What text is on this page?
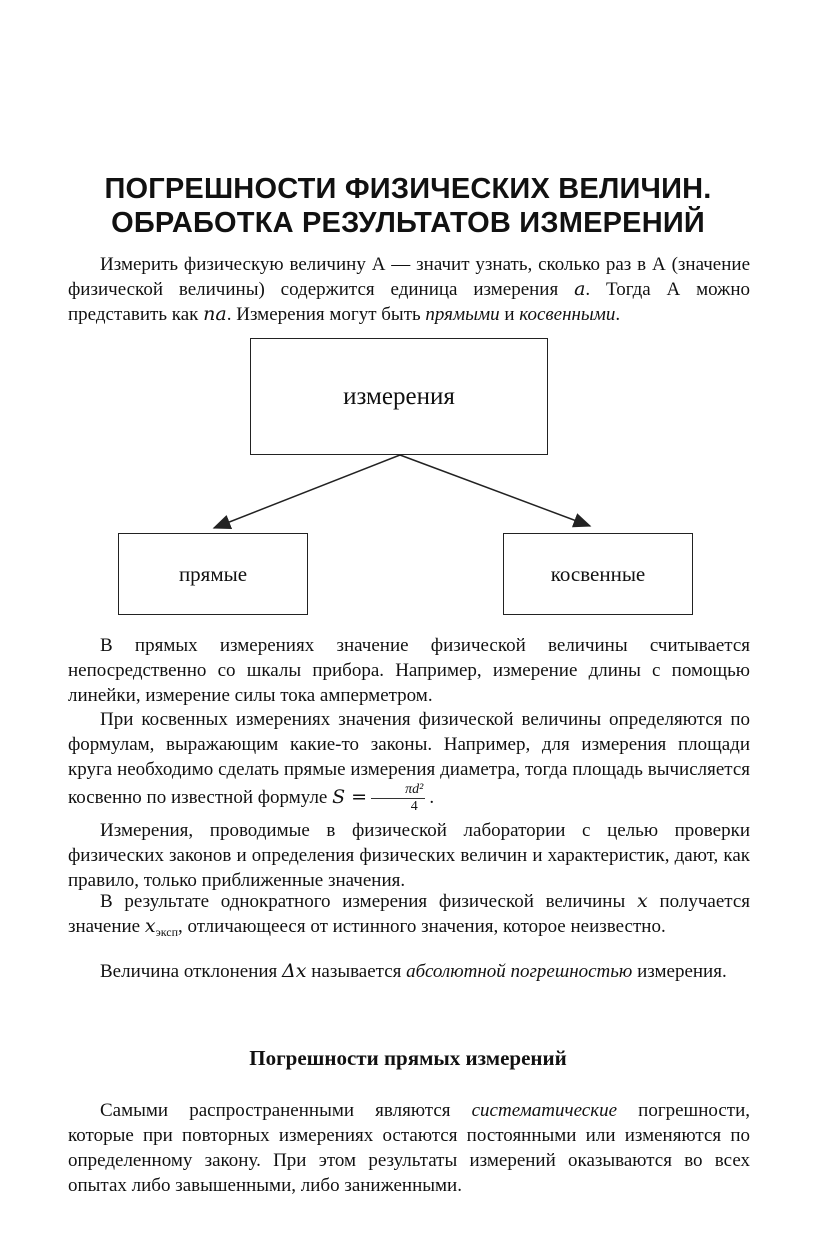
ПОГРЕШНОСТИ ФИЗИЧЕСКИХ ВЕЛИЧИН.
ОБРАБОТКА РЕЗУЛЬТАТОВ ИЗМЕРЕНИЙ

Измерить физическую величину А — значит узнать, сколько раз в А (значение физической величины) содержится единица измерения a. Тогда А можно представить как na. Измерения могут быть прямыми и косвенными.

измерения
прямые	косвенные

В прямых измерениях значение физической величины считывается непосредственно со шкалы прибора. Например, измерение длины с помощью линейки, измерение силы тока амперметром.

При косвенных измерениях значения физической величины определяются по формулам, выражающим какие-то законы. Например, для измерения площади круга необходимо сделать прямые измерения диаметра, тогда площадь вычисляется косвенно по известной формуле $S = \frac{\text{πd²}}{4}$ .

Измерения, проводимые в физической лаборатории с целью проверки физических законов и определения физических величин и характеристик, дают, как правило, только приближенные значения.

В результате однократного измерения физической величины x получается значение $x_{эксп}$, отличающееся от истинного значения, которое неизвестно.

Величина отклонения Δx называется абсолютной погрешностью измерения.

Погрешности прямых измерений

Самыми распространенными являются систематические погрешности, которые при повторных измерениях остаются постоянными или изменяются по определенному закону. При этом результаты измерений оказываются во всех опытах либо завышенными, либо заниженными.
